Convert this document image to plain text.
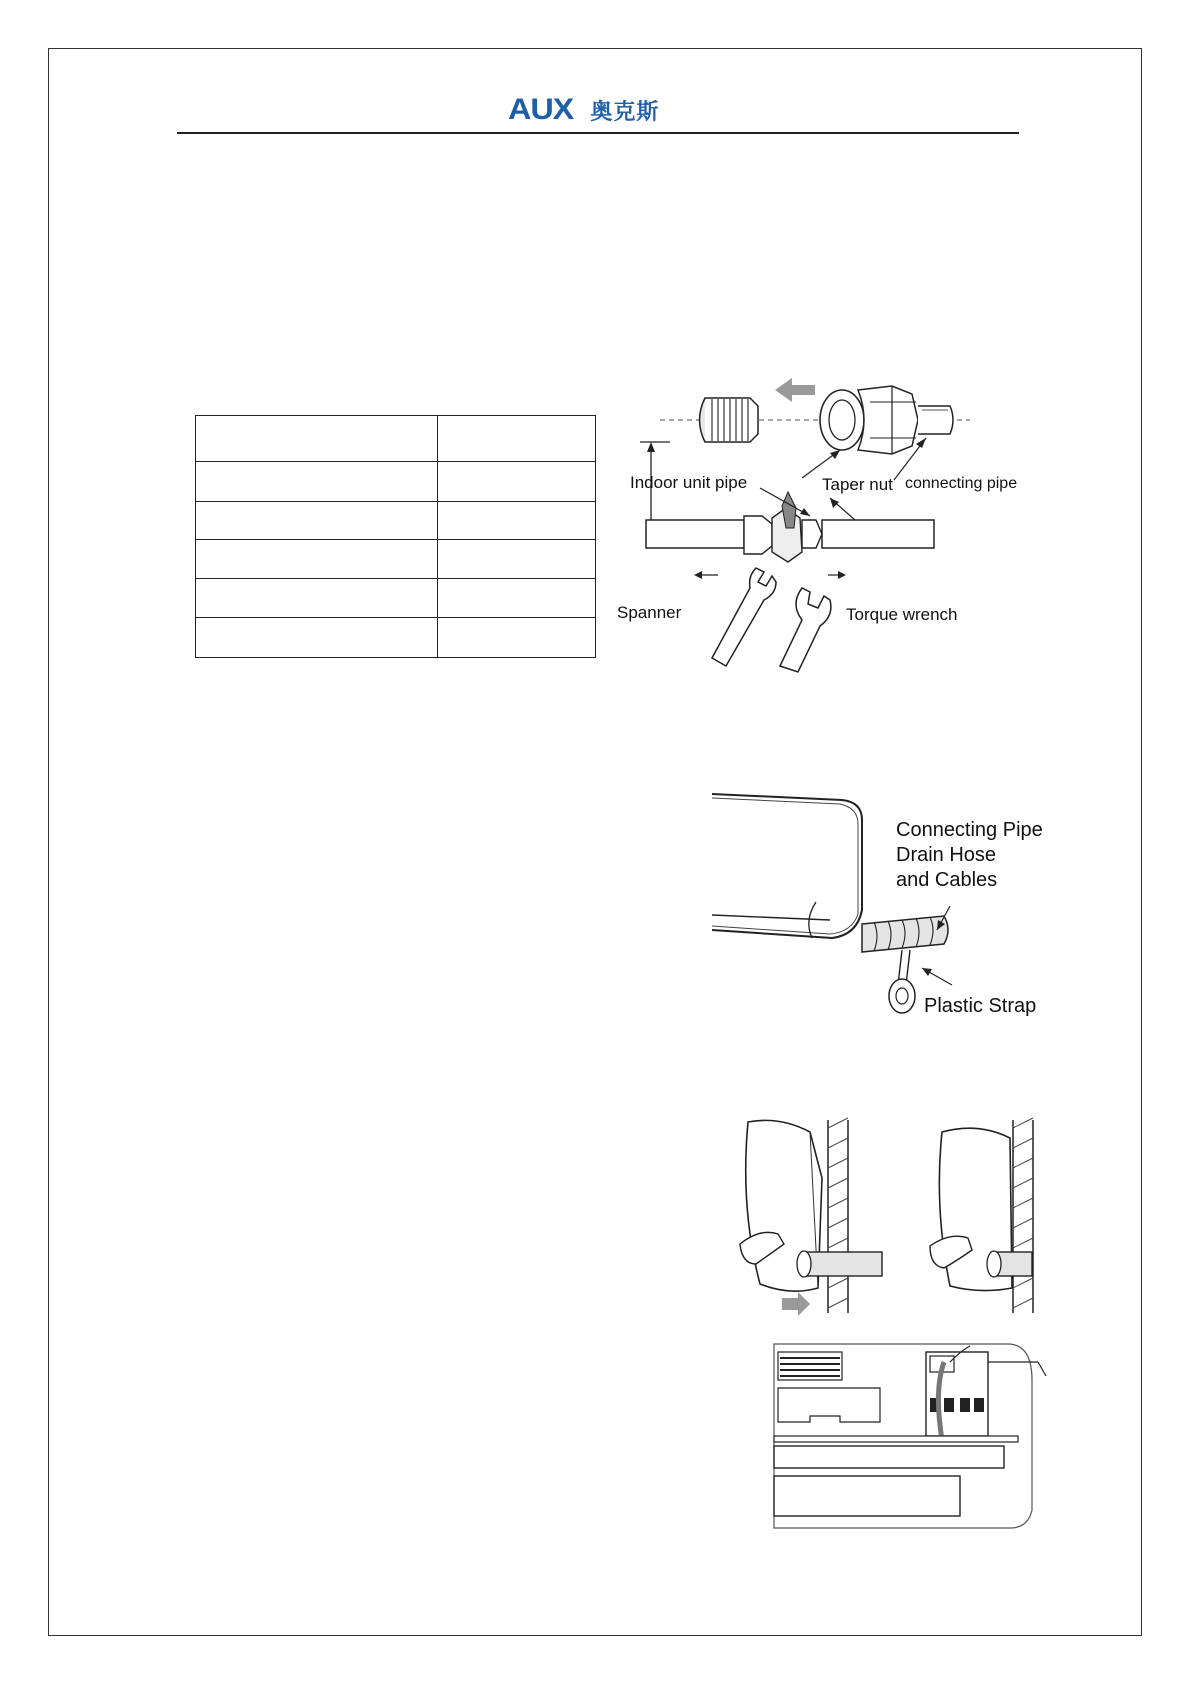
AUX 奥克斯

Indoor unit pipe	Taper nut connecting pipe
Spanner	Torque wrench
Connecting Pipe
Drain Hose
and Cables
Plastic Strap
